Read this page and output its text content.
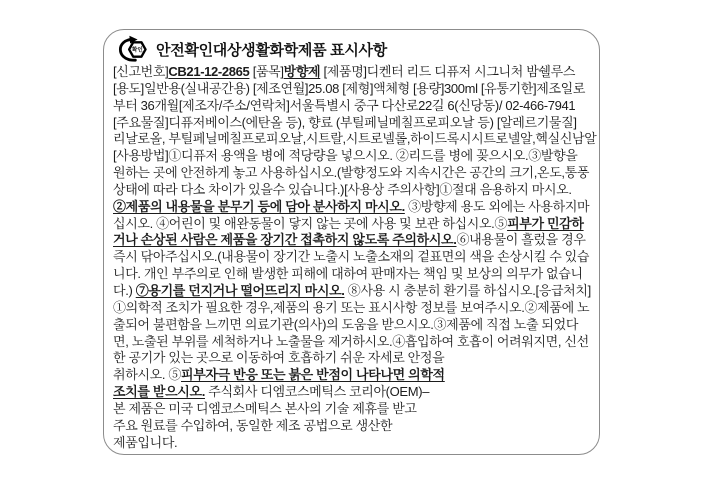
확인 안전확인대상생활화학제품 표시사항
[신고번호]CB21-12-2865 [품목]방향제 [제품명]디켄터 리드 디퓨저 시그니처 밤쉘루스
[용도]일반용(실내공간용) [제조연월]25.08 [제형]액체형 [용량]300ml [유통기한]제조일로
부터 36개월[제조자/주소/연락처]서울특별시 중구 다산로22길 6(신당동)/ 02-466-7941
[주요물질]디퓨저베이스(에탄올 등), 향료 (부틸페닐메칠프로피오날 등) [알레르기물질]
리날로올, 부틸페닐메칠프로피오날,시트랄,시트로넬롤,하이드록시시트로넬알,헥실신남알
[사용방법]①디퓨저 용액을 병에 적당량을 넣으시오. ②리드를 병에 꽂으시오.③발향을
원하는 곳에 안전하게 놓고 사용하십시오.(발향정도와 지속시간은 공간의 크기,온도,통풍
상태에 따라 다소 차이가 있을수 있습니다.)[사용상 주의사항]①절대 음용하지 마시오.
②제품의 내용물을 분무기 등에 담아 분사하지 마시오. ③방향제 용도 외에는 사용하지마
십시오. ④어린이 및 애완동물이 닿지 않는 곳에 사용 및 보관 하십시오.⑤피부가 민감하
거나 손상된 사람은 제품을 장기간 접촉하지 않도록 주의하시오.⑥내용물이 흘렀을 경우
즉시 닦아주십시오.(내용물이 장기간 노출시 노출소재의 겉표면의 색을 손상시킬 수 있습
니다. 개인 부주의로 인해 발생한 피해에 대하여 판매자는 책임 및 보상의 의무가 없습니
다.) ⑦용기를 던지거나 떨어뜨리지 마시오. ⑧사용 시 충분히 환기를 하십시오.[응급처치]
①의학적 조치가 필요한 경우,제품의 용기 또는 표시사항 정보를 보여주시오.②제품에 노
출되어 불편함을 느끼면 의료기관(의사)의 도움을 받으시오.③제품에 직접 노출 되었다
면, 노출된 부위를 세척하거나 노출물을 제거하시오.④흡입하여 호흡이 어려워지면, 신선
한 공기가 있는 곳으로 이동하여 호흡하기 쉬운 자세로 안정을
취하시오. ⑤피부자극 반응 또는 붉은 반점이 나타나면 의학적
조치를 받으시오. 주식회사 디엠코스메틱스 코리아(OEM)–
본 제품은 미국 디엠코스메틱스 본사의 기술 제휴를 받고
주요 원료를 수입하여, 동일한 제조 공법으로 생산한
제품입니다.
